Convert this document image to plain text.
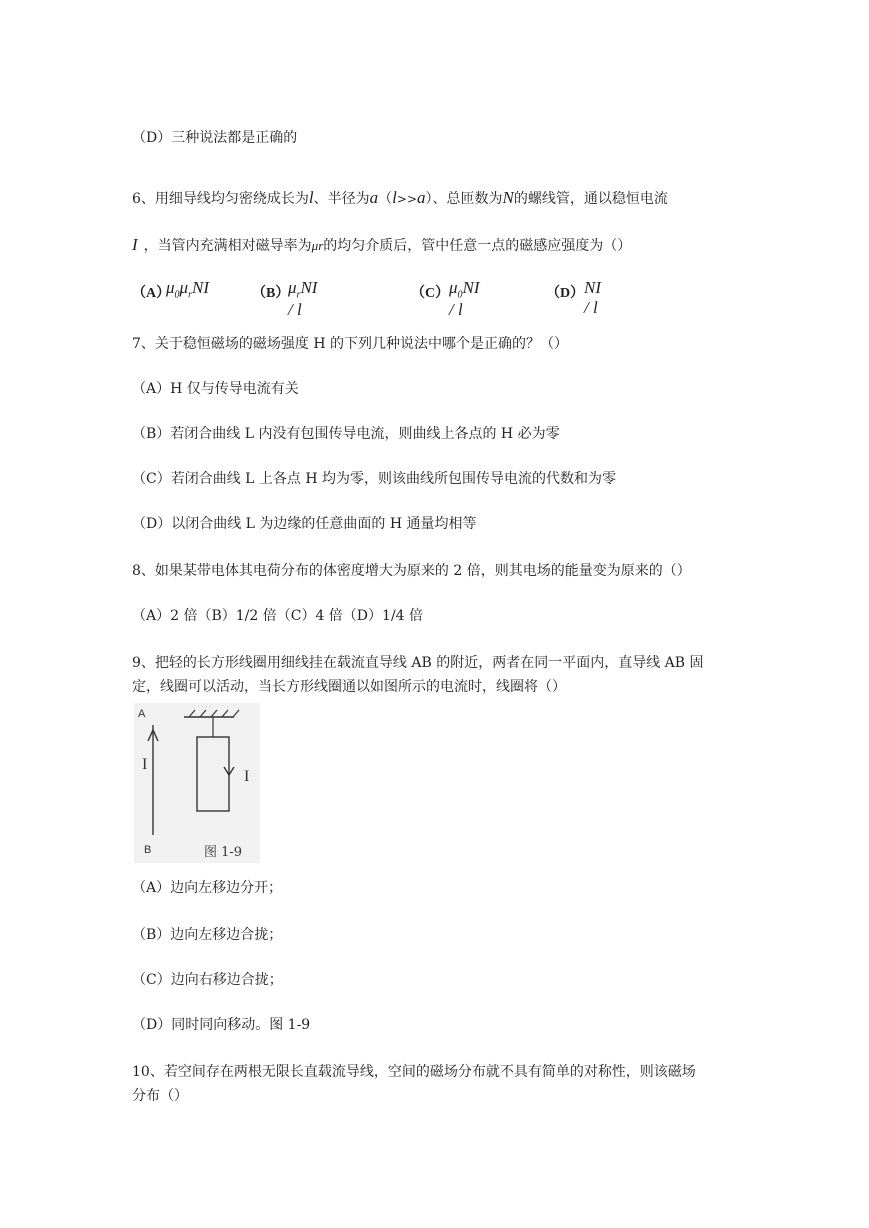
（D）三种说法都是正确的
6、用细导线均匀密绕成长为l、半径为a（l>>a）、总匝数为N的螺线管，通以稳恒电流
I ，当管内充满相对磁导率为μr的均匀介质后，管中任意一点的磁感应强度为（）
（A）
$\mu_0\mu_rNI$	（B）
$\mu_rNI$ / l
（C） $\mu_0NI$ / l
（D） NI / l
7、关于稳恒磁场的磁场强度 H 的下列几种说法中哪个是正确的？（）
（A）H 仅与传导电流有关
（B）若闭合曲线 L 内没有包围传导电流，则曲线上各点的 H 必为零
（C）若闭合曲线 L 上各点 H 均为零，则该曲线所包围传导电流的代数和为零
（D）以闭合曲线 L 为边缘的任意曲面的 H 通量均相等
8、如果某带电体其电荷分布的体密度增大为原来的 2 倍，则其电场的能量变为原来的（）
（A）2 倍（B）1/2 倍（C）4 倍（D）1/4 倍
9、把轻的长方形线圈用细线挂在载流直导线 AB 的附近，两者在同一平面内，直导线 AB 固
定，线圈可以活动，当长方形线圈通以如图所示的电流时，线圈将（）
A
I
I
B	图 1-9
（A）边向左移边分开；
（B）边向左移边合拢；
（C）边向右移边合拢；
（D）同时同向移动。图 1-9
10、若空间存在两根无限长直载流导线，空间的磁场分布就不具有简单的对称性，则该磁场
分布（）
